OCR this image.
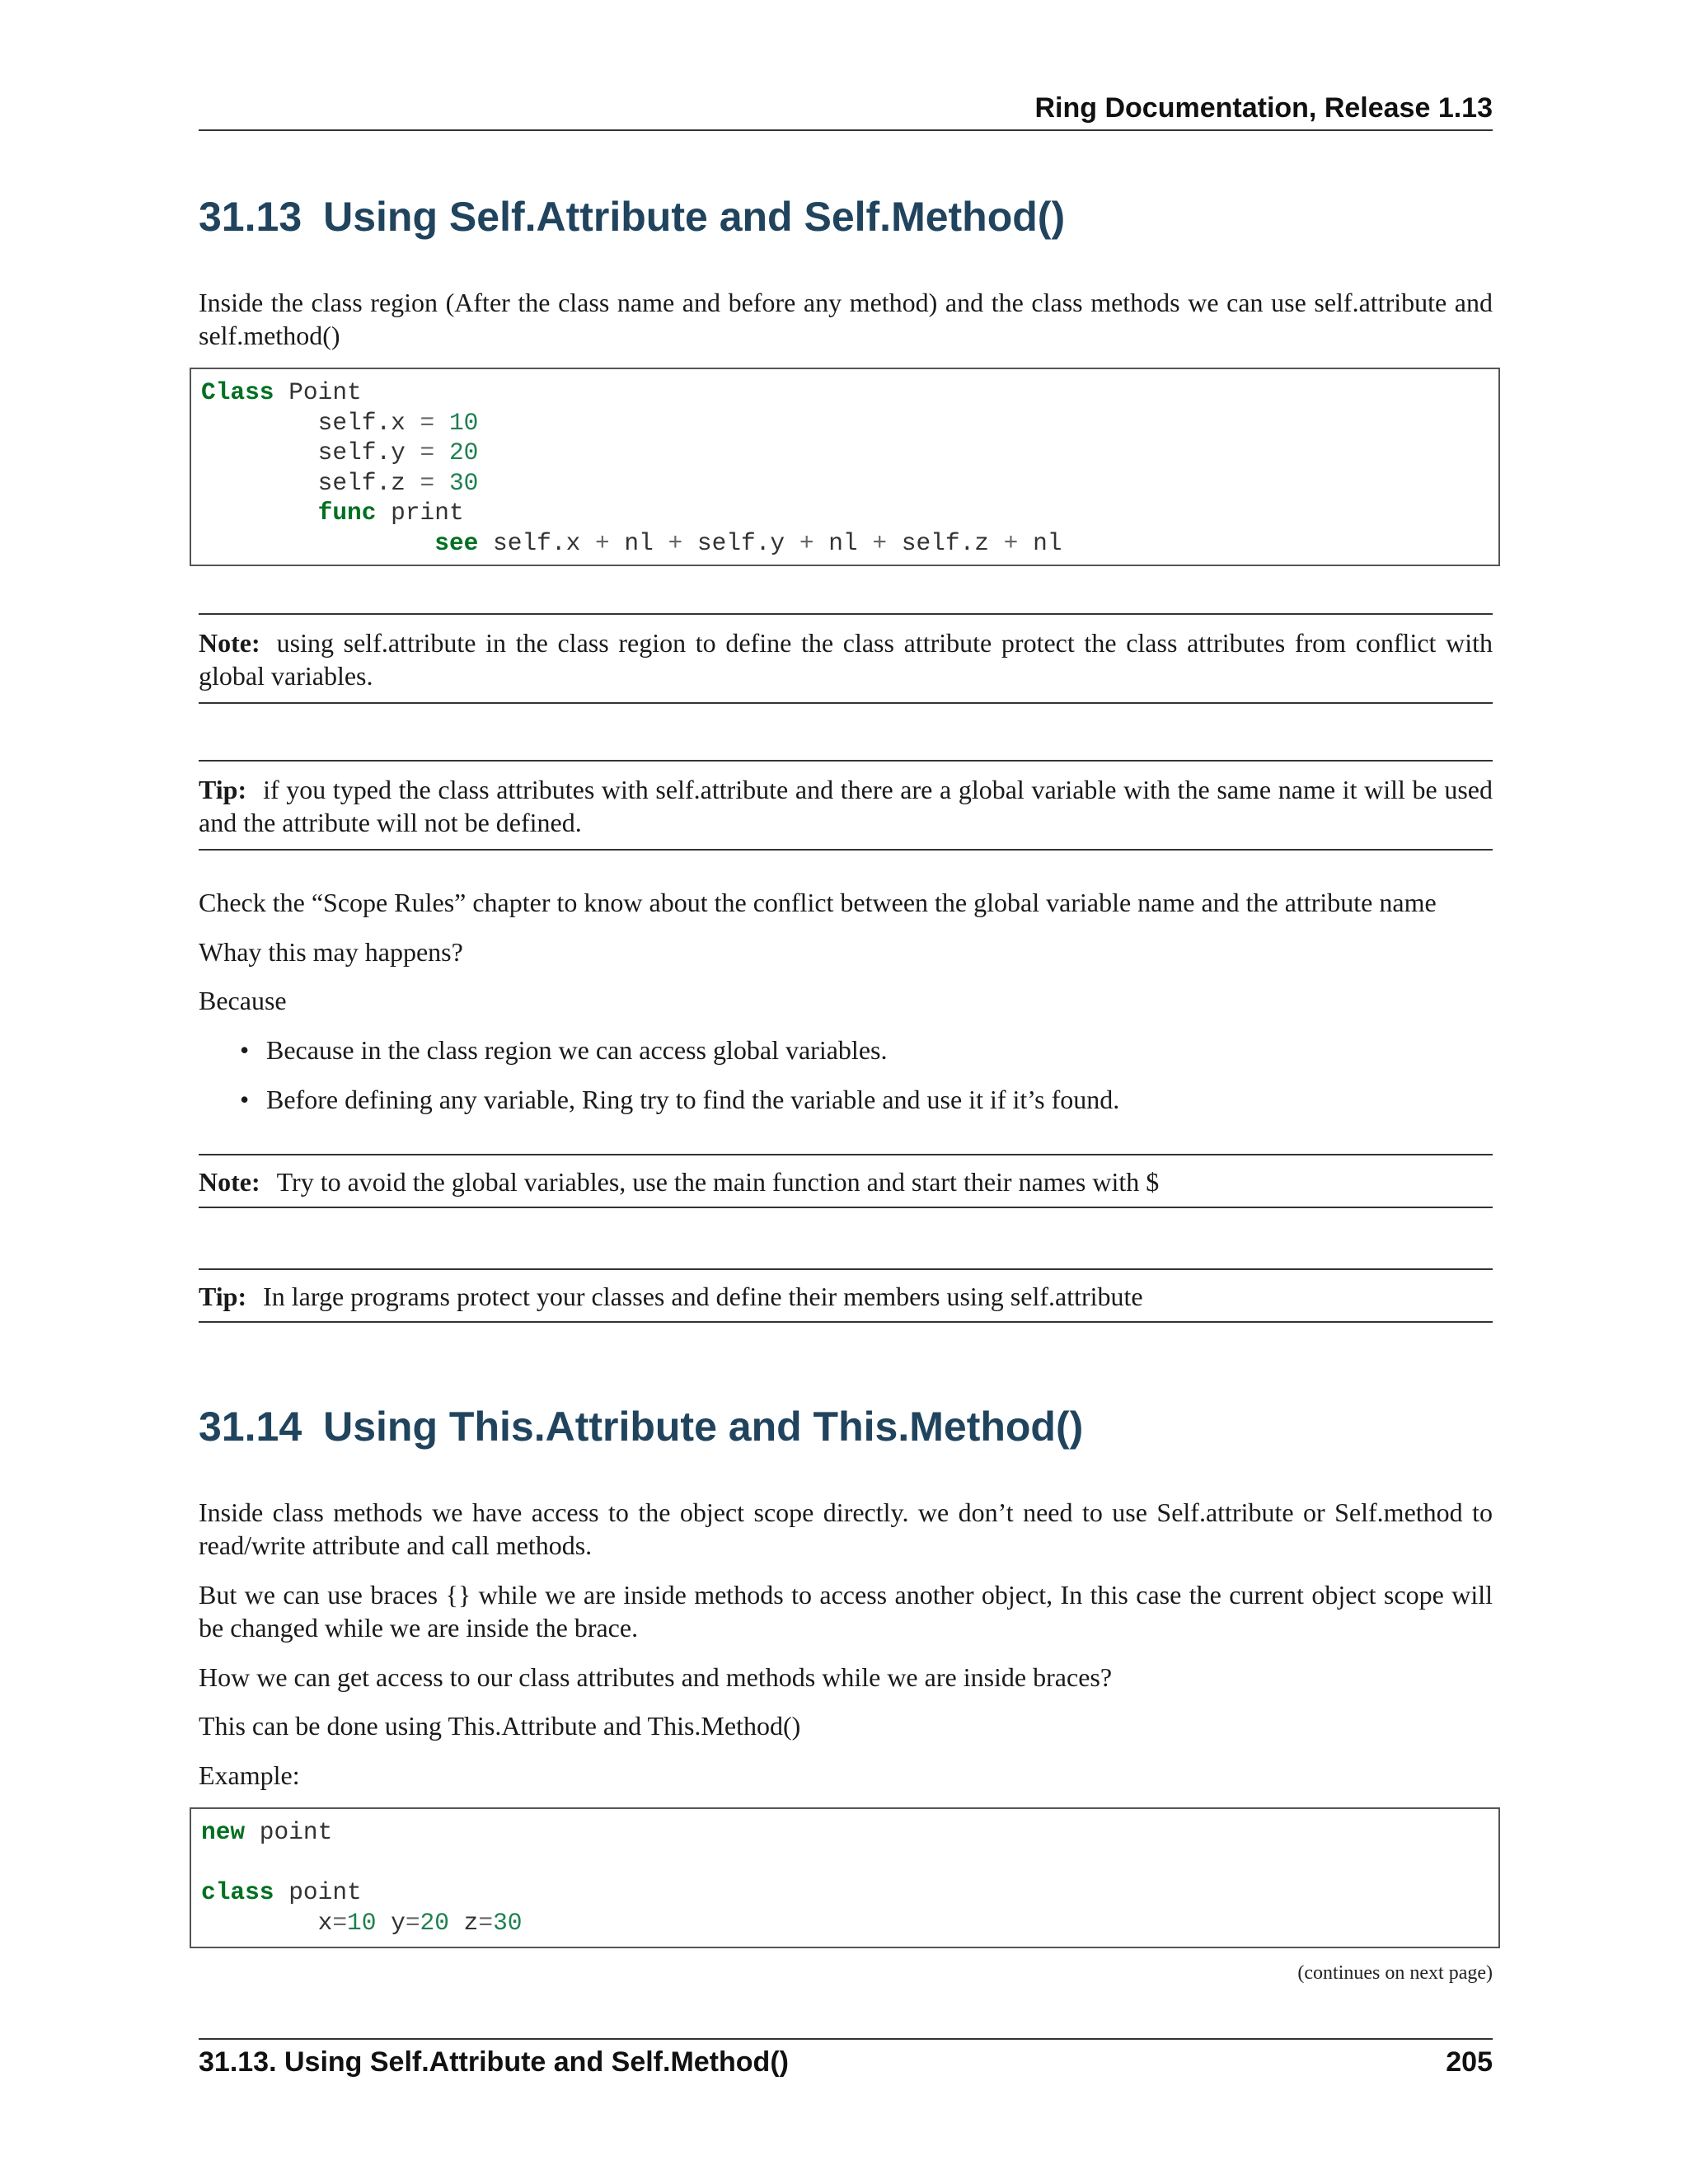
Ring Documentation, Release 1.13
31.13 Using Self.Attribute and Self.Method()

Inside the class region (After the class name and before any method) and the class methods we can use self.attribute and self.method()

Class Point
self.x = 10
self.y = 20
self.z = 30
func print
see self.x + nl + self.y + nl + self.z + nl
Note: using self.attribute in the class region to define the class attribute protect the class attributes from conflict with global variables.
Tip: if you typed the class attributes with self.attribute and there are a global variable with the same name it will be used and the attribute will not be defined.

Check the “Scope Rules” chapter to know about the conflict between the global variable name and the attribute name

Whay this may happens?

Because

• Because in the class region we can access global variables.
• Before defining any variable, Ring try to find the variable and use it if it’s found.
Note: Try to avoid the global variables, use the main function and start their names with $
Tip: In large programs protect your classes and define their members using self.attribute
31.14 Using This.Attribute and This.Method()

Inside class methods we have access to the object scope directly. we don’t need to use Self.attribute or Self.method to read/write attribute and call methods.

But we can use braces {} while we are inside methods to access another object, In this case the current object scope will be changed while we are inside the brace.

How we can get access to our class attributes and methods while we are inside braces?

This can be done using This.Attribute and This.Method()

Example:

new point
class point
x=10 y=20 z=30
(continues on next page)
31.13. Using Self.Attribute and Self.Method()	205
